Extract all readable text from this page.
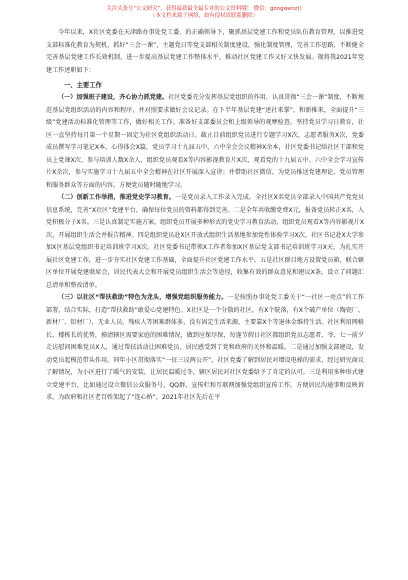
关注头条号“公文研究”，获得最新最全最专业的公文资料哦！ 微信：gongwenz()
（本文档来源于网络，如有侵权请联系删除）

今年以来，X社区党委在天津路办事处党工委、的正确领导下，聚抓基层党建工作和党员队伍教育管理，以推进党支部标准化教育为契机，抓好“三会一课”，主题党日等党支部相关制度建设，强化制度管理，完善工作思路，不断健全完善基层党建工作长效机制，进一步提高基层党建工作整体水平，推动社区党建工作又好又快发展。现将我2021年党建工作述职如下：

一、主要工作

（一）加强班子建设，齐心协力抓党建。社区党委充分发挥基层党组织的作用，认真贯彻“三会一课”制度，不断规范基层党组织活动的内容和程序，并对照要求做好会议记录。在下半年基层党建“述社来掌”，和新推来，全面提升“三级”党建活动标准化管理等工作，做好相关工作。准备好支部委员会和上级领导的观摩检查。坚持党员学习日教育，社区一直坚持每月第一个星期一固定为社区党组织活动日。截止目前组织党员进行专题学习X次，志愿者服务X次，党委成员撰写学习笔记X本，心得体会X篇，党员学习十九届五中、六中全会会议精神X余本，社区党委书记给社区干部和党员上党课X次，参与培训人数X余人，组织党员观看X等内容影视教育片X次，观看党的十九届五中、六中全会学习宣传片X余次，参与实施学习十九届五中全会精神在社区开展深入宣讲；并借助社区微信、为党员推送党建理论、党员管理和服务群众等方面的内容，方便党员随时随地学习。

（二）创新工作举措，推进党史学习教育。一是党员录入工作录入完成。全社区X名党员全部录入中国共产党党员信息系统，完善“X社区”党建平台，确保每位党员的资料都得到完善。二是全年共收缴党费X元，报备党员转正X名，入党积极分子X名。三是认真制定实施方案，组织党员开展多种形式的党史学习教育活动，组织党员观看X等内容影视片X次，开展组织生活会并报告精神。四是组织党员赴X区开放式组织生活基地参加党性体验学习X次，社区书记赴X大学参加X区基层党组织书记培训班学习X次。社区党委书记带领X工作者参加X区基层党支部书记培训班学习X天，为扎实开展社区党建工作，进一步夯实社区党建工作基础，全面提升社区党建工作水平。五是社区群目地方设置党员箱，联合辖区单位开展党建联席会，居民代表大会和开展党员组织生活会等途径，收集有效的群众意见和建议X条，设立了问题汇总清单和整改清单。

（三）以社区“帮扶救助”特色为龙头，增强党组织服务能力。一是按照办事处党工委关于“一社区一亮点”的工作部署，结合实际，打造“帮扶救助”敢爱心党建特色。X社区是一个分散的社区，有X个院落，有X个破产单位（陶瓷厂、新材厂、铝材厂），无业人员、残疾人等困难群体多，没有固定生活来源，主要靠X个等退休金维持生活。社区利用网格长、楼栋长的优势，摸清辖区需要家庭的困难情况，做到应保尽保，每逢节假日社区都组织党员志愿者、爷、七一前夕走访慰问困难党员X人，通过帮扶活动让困难党员、居民感受到了党和政府的关怀和温暖。二是通过加强支部建设，发动党员起模范带头作用。同年小区贯彻落实“一征三议两公开”，社区党委了解到居民对增设电梯的需求，经过研究商议了解情况，为小区进行了暖气的安装，让居民温暖过冬，辖区居民对社区党委给予了肯定的认可。三是利用多种形式建立党建平台，比如通过设立微信公众服务号、QQ群、宣传栏和互联网加强党组织宣传工作，方便居民沟通事和反映诉求，为政府和社区老百姓架起了“连心桥”。2021年社区先后在平
